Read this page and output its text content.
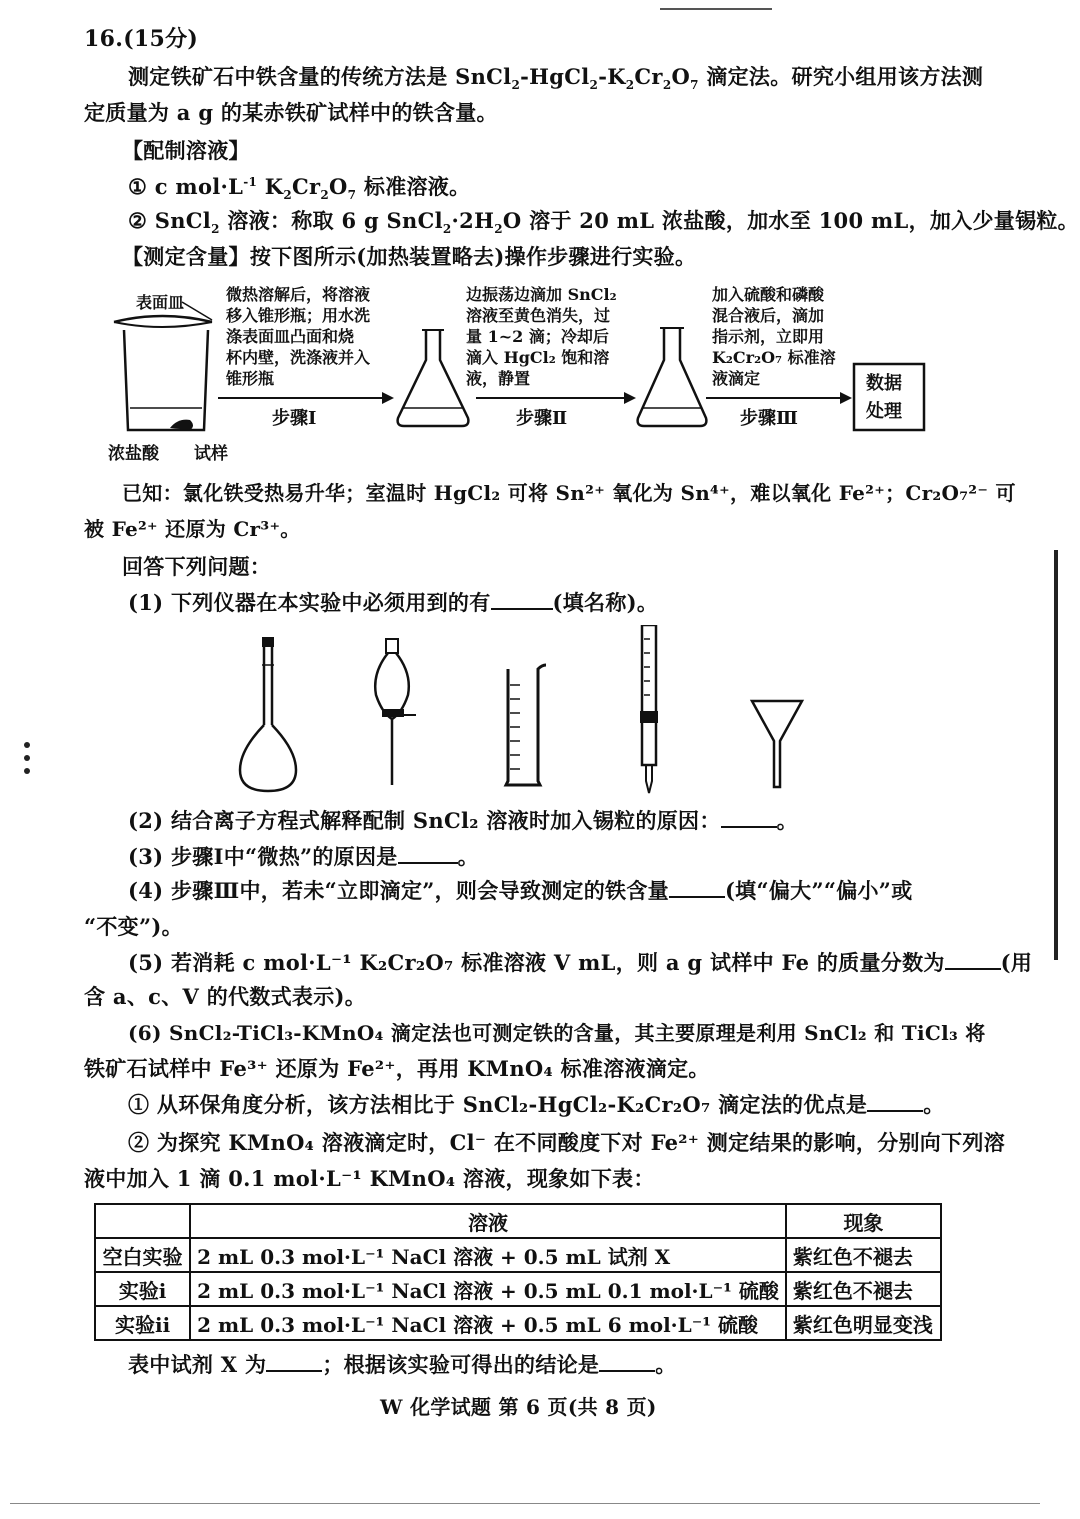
16.(15分)
测定铁矿石中铁含量的传统方法是 $SnCl_2-HgCl_2-K_2Cr_2O_7$ 滴定法。研究小组用该方法测
定质量为 a g 的某赤铁矿试样中的铁含量。
【配制溶液】
① c $mol\cdot L^{-1}$ $K_2Cr_2O_7$ 标准溶液。
② SnCl$_2$ 溶液：称取 6 g $SnCl_2\cdot 2H_2O$ 溶于 20 mL 浓盐酸，加水至 100 mL，加入少量锡粒。
【测定含量】按下图所示(加热装置略去)操作步骤进行实验。
表面皿
浓盐酸 试样
微热溶解后，将溶液
移入锥形瓶；用水洗
涤表面皿凸面和烧
杯内壁，洗涤液并入
锥形瓶
步骤Ⅰ
边振荡边滴加 SnCl₂
溶液至黄色消失，过
量 1~2 滴；冷却后
滴入 HgCl₂ 饱和溶
液，静置
步骤Ⅱ
加入硫酸和磷酸
混合液后，滴加
指示剂，立即用
K₂Cr₂O₇ 标准溶
液滴定
步骤Ⅲ
数据
处理
已知：氯化铁受热易升华；室温时 HgCl₂ 可将 Sn²⁺ 氧化为 Sn⁴⁺，难以氧化 Fe²⁺；Cr₂O₇²⁻ 可
被 Fe²⁺ 还原为 Cr³⁺。
回答下列问题：
(1) 下列仪器在本实验中必须用到的有	(填名称)。
(2) 结合离子方程式解释配制 SnCl₂ 溶液时加入锡粒的原因：	。
(3) 步骤Ⅰ中“微热”的原因是	。
(4) 步骤Ⅲ中，若未“立即滴定”，则会导致测定的铁含量	(填“偏大”“偏小”或
“不变”)。
(5) 若消耗 c mol·L⁻¹ K₂Cr₂O₇ 标准溶液 V mL，则 a g 试样中 Fe 的质量分数为	(用
含 a、c、V 的代数式表示)。
(6) SnCl₂-TiCl₃-KMnO₄ 滴定法也可测定铁的含量，其主要原理是利用 SnCl₂ 和 TiCl₃ 将
铁矿石试样中 Fe³⁺ 还原为 Fe²⁺，再用 KMnO₄ 标准溶液滴定。
① 从环保角度分析，该方法相比于 SnCl₂-HgCl₂-K₂Cr₂O₇ 滴定法的优点是	。
② 为探究 KMnO₄ 溶液滴定时，Cl⁻ 在不同酸度下对 Fe²⁺ 测定结果的影响，分别向下列溶
液中加入 1 滴 0.1 mol·L⁻¹ KMnO₄ 溶液，现象如下表：
	溶液	现象
空白实验	2 mL 0.3 mol·L⁻¹ NaCl 溶液 + 0.5 mL 试剂 X	紫红色不褪去
实验ⅰ	2 mL 0.3 mol·L⁻¹ NaCl 溶液 + 0.5 mL 0.1 mol·L⁻¹ 硫酸	紫红色不褪去
实验ⅱ	2 mL 0.3 mol·L⁻¹ NaCl 溶液 + 0.5 mL 6 mol·L⁻¹ 硫酸	紫红色明显变浅
表中试剂 X 为	；根据该实验可得出的结论是	。
W 化学试题 第 6 页(共 8 页)
